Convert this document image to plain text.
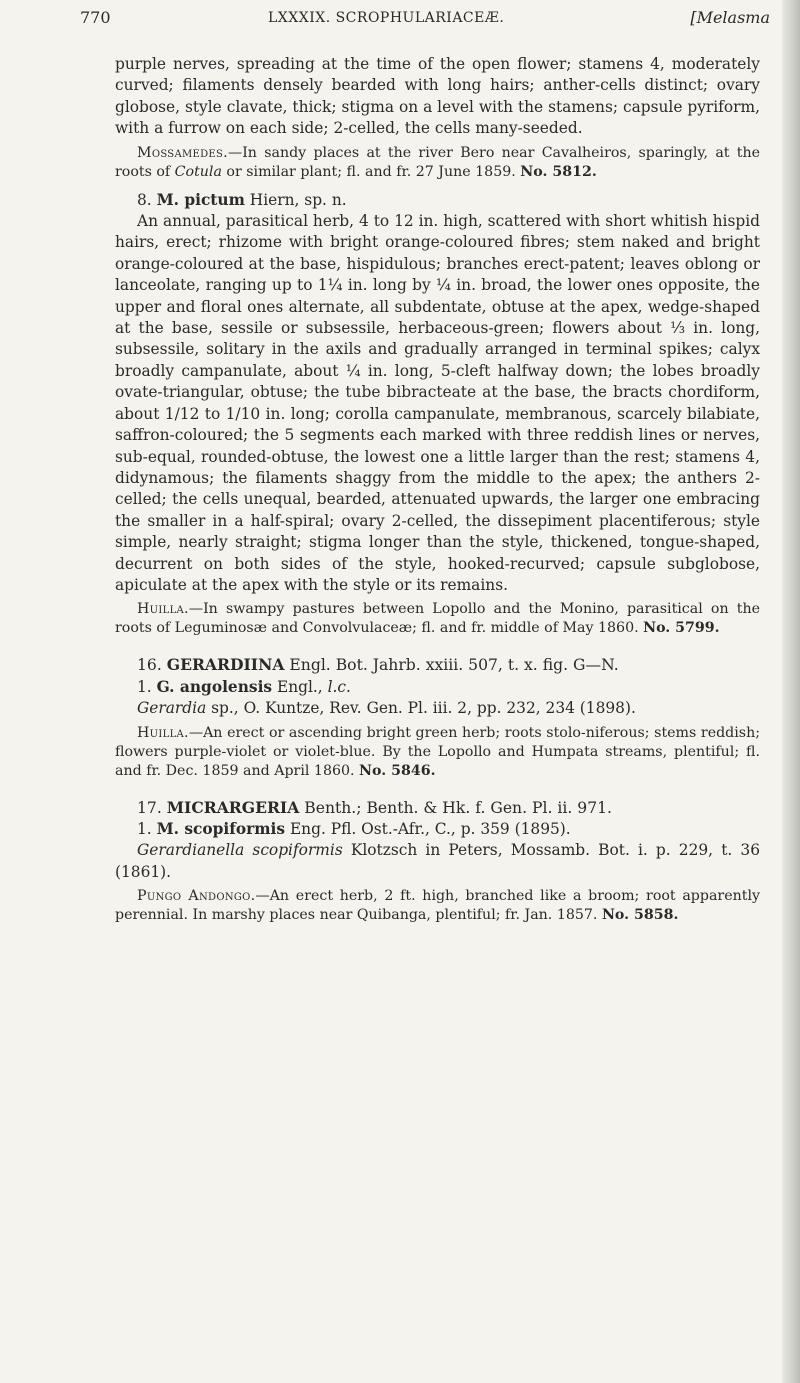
770	LXXXIX. SCROPHULARIACEÆ.	[Melasma

purple nerves, spreading at the time of the open flower; stamens 4, moderately curved; filaments densely bearded with long hairs; anther-cells distinct; ovary globose, style clavate, thick; stigma on a level with the stamens; capsule pyriform, with a furrow on each side; 2-celled, the cells many-seeded.

Mossamedes.—In sandy places at the river Bero near Cavalheiros, sparingly, at the roots of Cotula or similar plant; fl. and fr. 27 June 1859. No. 5812.

8. M. pictum Hiern, sp. n.

An annual, parasitical herb, 4 to 12 in. high, scattered with short whitish hispid hairs, erect; rhizome with bright orange-coloured fibres; stem naked and bright orange-coloured at the base, hispidulous; branches erect-patent; leaves oblong or lanceolate, ranging up to 1¼ in. long by ¼ in. broad, the lower ones opposite, the upper and floral ones alternate, all subdentate, obtuse at the apex, wedge-shaped at the base, sessile or subsessile, herbaceous-green; flowers about ⅓ in. long, subsessile, solitary in the axils and gradually arranged in terminal spikes; calyx broadly campanulate, about ¼ in. long, 5-cleft halfway down; the lobes broadly ovate-triangular, obtuse; the tube bibracteate at the base, the bracts chordiform, about 1/12 to 1/10 in. long; corolla campanulate, membranous, scarcely bilabiate, saffron-coloured; the 5 segments each marked with three reddish lines or nerves, sub-equal, rounded-obtuse, the lowest one a little larger than the rest; stamens 4, didynamous; the filaments shaggy from the middle to the apex; the anthers 2-celled; the cells unequal, bearded, attenuated upwards, the larger one embracing the smaller in a half-spiral; ovary 2-celled, the dissepiment placentiferous; style simple, nearly straight; stigma longer than the style, thickened, tongue-shaped, decurrent on both sides of the style, hooked-recurved; capsule subglobose, apiculate at the apex with the style or its remains.

Huilla.—In swampy pastures between Lopollo and the Monino, parasitical on the roots of Leguminosæ and Convolvulaceæ; fl. and fr. middle of May 1860. No. 5799.

16. GERARDIINA Engl. Bot. Jahrb. xxiii. 507, t. x. fig. G—N.

1. G. angolensis Engl., l.c.

Gerardia sp., O. Kuntze, Rev. Gen. Pl. iii. 2, pp. 232, 234 (1898).

Huilla.—An erect or ascending bright green herb; roots stolo-niferous; stems reddish; flowers purple-violet or violet-blue. By the Lopollo and Humpata streams, plentiful; fl. and fr. Dec. 1859 and April 1860. No. 5846.

17. MICRARGERIA Benth.; Benth. & Hk. f. Gen. Pl. ii. 971.

1. M. scopiformis Eng. Pfl. Ost.-Afr., C., p. 359 (1895).

Gerardianella scopiformis Klotzsch in Peters, Mossamb. Bot. i. p. 229, t. 36 (1861).

Pungo Andongo.—An erect herb, 2 ft. high, branched like a broom; root apparently perennial. In marshy places near Quibanga, plentiful; fr. Jan. 1857. No. 5858.
